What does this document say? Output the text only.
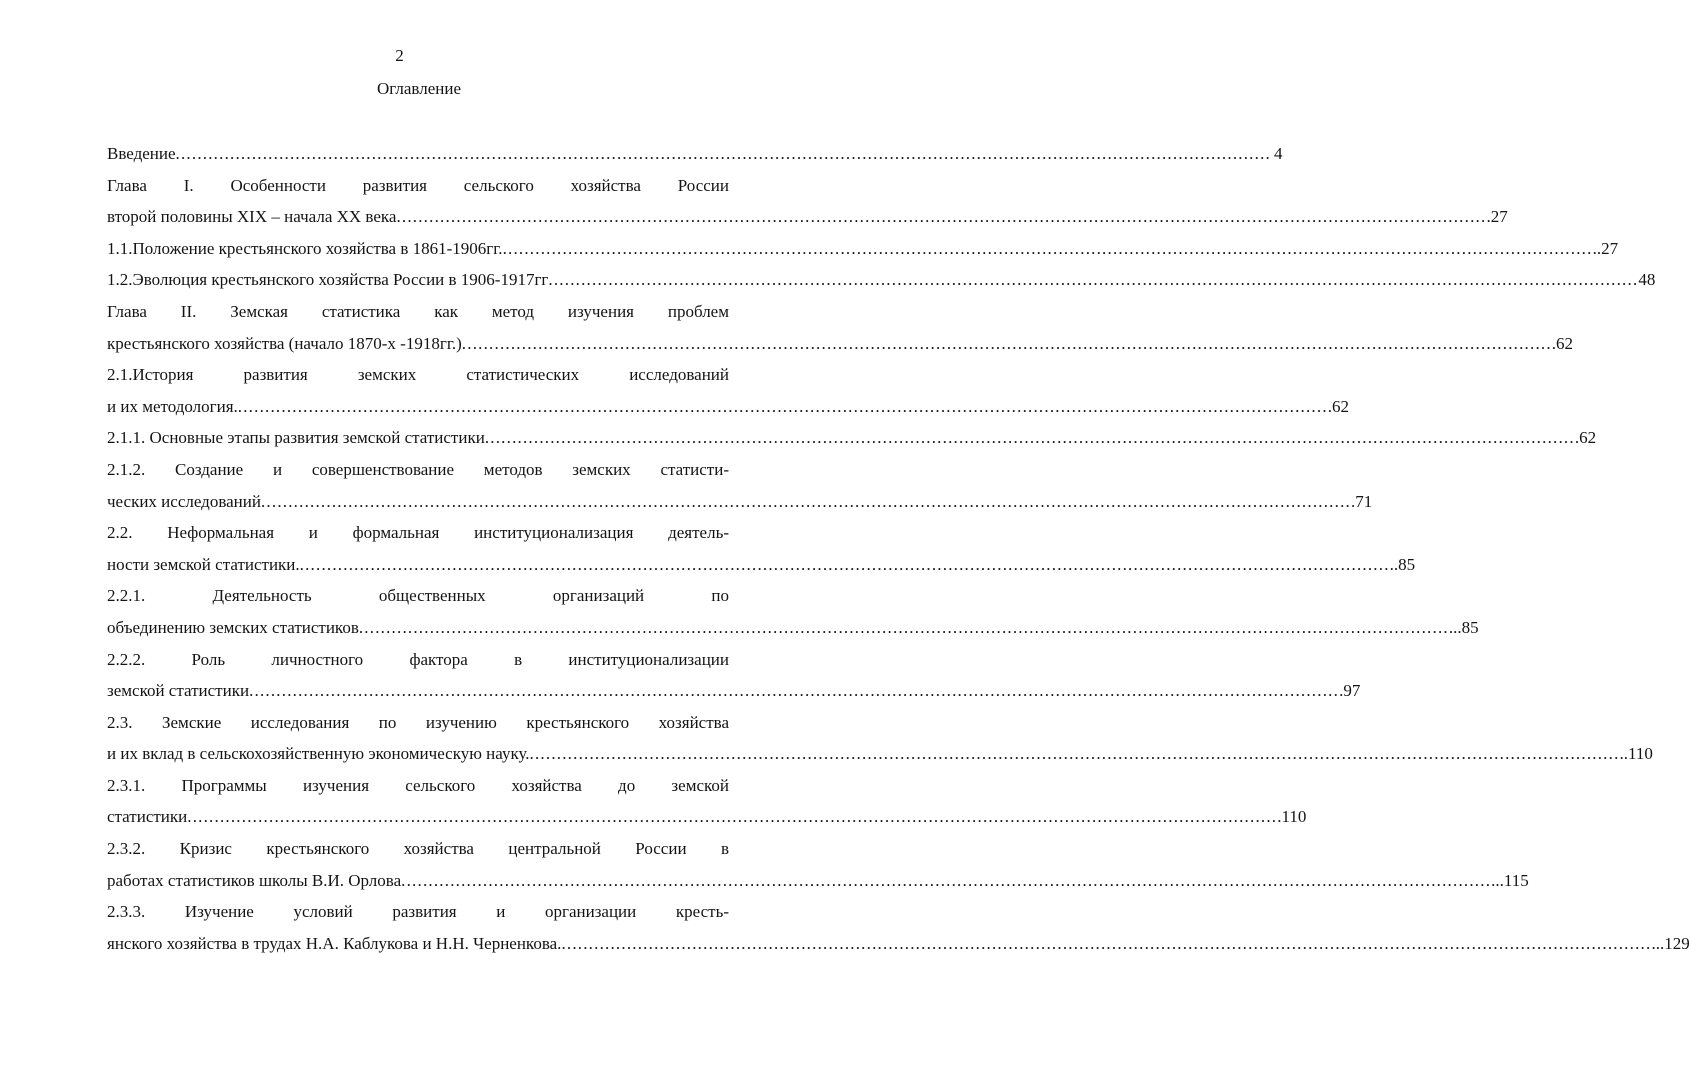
2
Оглавление
Введение ........................................................................................................................................................................................................ . 4
Глава I. Особенности развития сельского хозяйства России
второй половины XIX – начала XX века ........................................................................................................................................................................................................ .27
1.1.Положение крестьянского хозяйства в 1861-1906гг. ........................................................................................................................................................................................................ ..27
1.2.Эволюция крестьянского хозяйства России в 1906-1917гг ........................................................................................................................................................................................................ 48
Глава II. Земская статистика как метод изучения проблем
крестьянского хозяйства (начало 1870-х -1918гг.) ........................................................................................................................................................................................................ .62
2.1.История развития земских статистических исследований
и их методология. ........................................................................................................................................................................................................ .62
2.1.1. Основные этапы развития земской статистики ........................................................................................................................................................................................................ .62
2.1.2. Создание и совершенствование методов земских статисти-
ческих исследований ........................................................................................................................................................................................................ .71
2.2. Неформальная и формальная институционализация деятель-
ности земской статистики. ........................................................................................................................................................................................................ ..85
2.2.1. Деятельность общественных организаций по
объединению земских статистиков ........................................................................................................................................................................................................ ...85
2.2.2. Роль личностного фактора в институционализации
земской статистики ........................................................................................................................................................................................................ .97
2.3. Земские исследования по изучению крестьянского хозяйства
и их вклад в сельскохозяйственную экономическую науку. ........................................................................................................................................................................................................ ..110
2.3.1. Программы изучения сельского хозяйства до земской
статистики ........................................................................................................................................................................................................ .110
2.3.2. Кризис крестьянского хозяйства центральной России в
работах статистиков школы В.И. Орлова ........................................................................................................................................................................................................ ...115
2.3.3. Изучение условий развития и организации кресть-
янского хозяйства в трудах Н.А. Каблукова и Н.Н. Черненкова. ........................................................................................................................................................................................................ ...129
